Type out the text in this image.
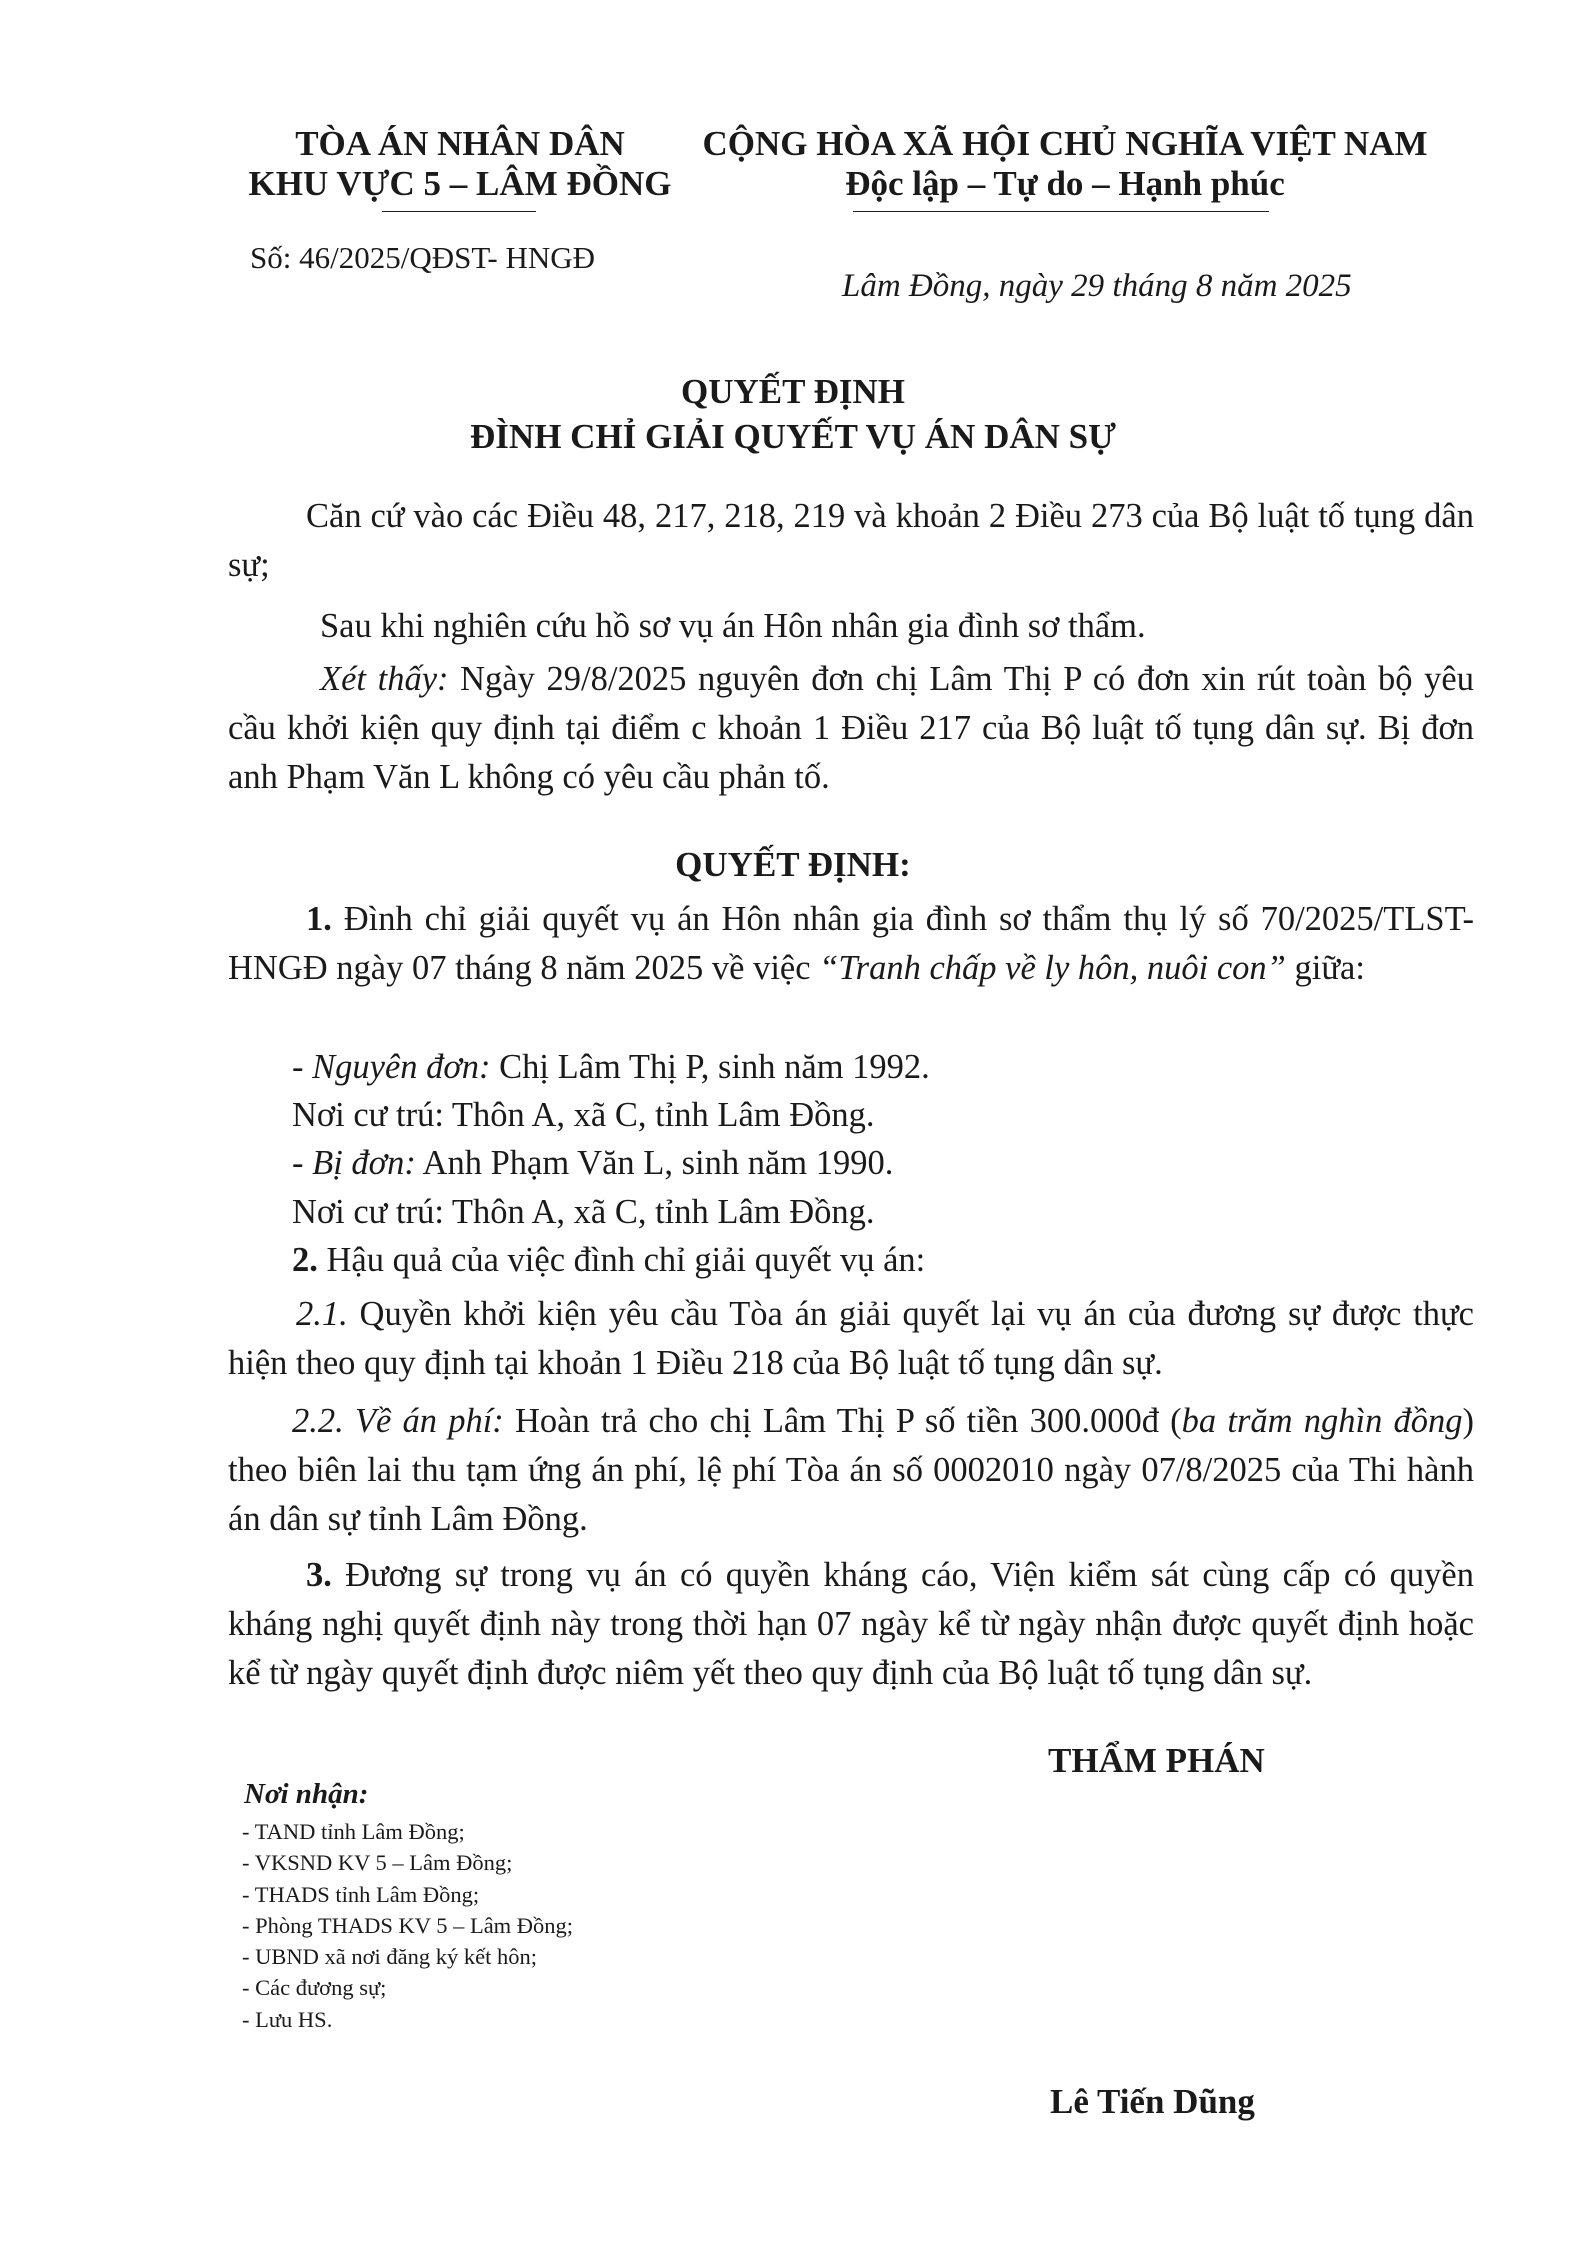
TÒA ÁN NHÂN DÂN
KHU VỰC 5 – LÂM ĐỒNG
CỘNG HÒA XÃ HỘI CHỦ NGHĨA VIỆT NAM
Độc lập – Tự do – Hạnh phúc
Số: 46/2025/QĐST- HNGĐ
Lâm Đồng, ngày 29 tháng 8 năm 2025
QUYẾT ĐỊNH
ĐÌNH CHỈ GIẢI QUYẾT VỤ ÁN DÂN SỰ
Căn cứ vào các Điều 48, 217, 218, 219 và khoản 2 Điều 273 của Bộ luật tố tụng dân sự;
Sau khi nghiên cứu hồ sơ vụ án Hôn nhân gia đình sơ thẩm.
Xét thấy: Ngày 29/8/2025 nguyên đơn chị Lâm Thị P có đơn xin rút toàn bộ yêu cầu khởi kiện quy định tại điểm c khoản 1 Điều 217 của Bộ luật tố tụng dân sự. Bị đơn anh Phạm Văn L không có yêu cầu phản tố.
QUYẾT ĐỊNH:
1. Đình chỉ giải quyết vụ án Hôn nhân gia đình sơ thẩm thụ lý số 70/2025/TLST- HNGĐ ngày 07 tháng 8 năm 2025 về việc “Tranh chấp về ly hôn, nuôi con” giữa:
- Nguyên đơn: Chị Lâm Thị P, sinh năm 1992.
Nơi cư trú: Thôn A, xã C, tỉnh Lâm Đồng.
- Bị đơn: Anh Phạm Văn L, sinh năm 1990.
Nơi cư trú: Thôn A, xã C, tỉnh Lâm Đồng.
2. Hậu quả của việc đình chỉ giải quyết vụ án:
2.1. Quyền khởi kiện yêu cầu Tòa án giải quyết lại vụ án của đương sự được thực hiện theo quy định tại khoản 1 Điều 218 của Bộ luật tố tụng dân sự.
2.2. Về án phí: Hoàn trả cho chị Lâm Thị P số tiền 300.000đ (ba trăm nghìn đồng) theo biên lai thu tạm ứng án phí, lệ phí Tòa án số 0002010 ngày 07/8/2025 của Thi hành án dân sự tỉnh Lâm Đồng.
3. Đương sự trong vụ án có quyền kháng cáo, Viện kiểm sát cùng cấp có quyền kháng nghị quyết định này trong thời hạn 07 ngày kể từ ngày nhận được quyết định hoặc kể từ ngày quyết định được niêm yết theo quy định của Bộ luật tố tụng dân sự.
THẨM PHÁN
Lê Tiến Dũng
Nơi nhận:
- TAND tỉnh Lâm Đồng;
- VKSND KV 5 – Lâm Đồng;
- THADS tỉnh Lâm Đồng;
- Phòng THADS KV 5 – Lâm Đồng;
- UBND xã nơi đăng ký kết hôn;
- Các đương sự;
- Lưu HS.
